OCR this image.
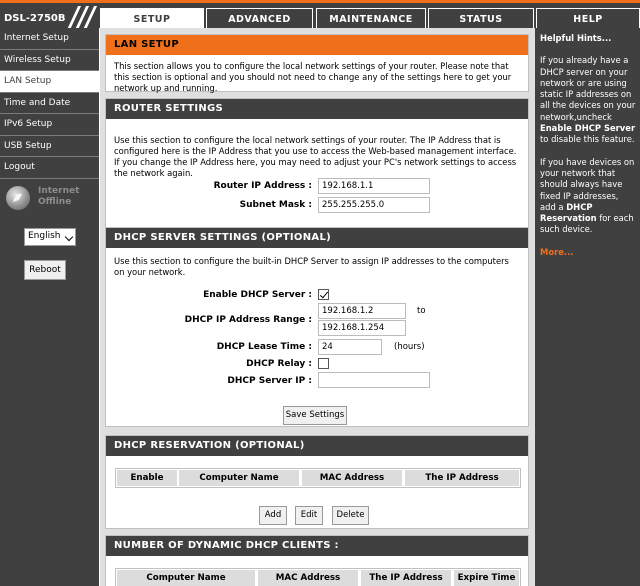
DSL-2750B	SETUP	ADVANCED	MAINTENANCE	STATUS	HELP
Internet Setup
Wireless Setup
LAN Setup
Time and Date
IPv6 Setup
USB Setup
Logout
Internet
Offline
English
Reboot
LAN SETUP
This section allows you to configure the local network settings of your router. Please note that this section is optional and you should not need to change any of the settings here to get your network up and running.
ROUTER SETTINGS
Use this section to configure the local network settings of your router. The IP Address that is configured here is the IP Address that you use to access the Web-based management interface. If you change the IP Address here, you may need to adjust your PC's network settings to access the network again.
Router IP Address :	192.168.1.1
Subnet Mask :	255.255.255.0
DHCP SERVER SETTINGS (OPTIONAL)
Use this section to configure the built-in DHCP Server to assign IP addresses to the computers on your network.
Enable DHCP Server :
DHCP IP Address Range :
192.168.1.2	to
192.168.1.254
DHCP Lease Time :	24	(hours)
DHCP Relay :
DHCP Server IP :
Save Settings
DHCP RESERVATION (OPTIONAL)
Enable	Computer Name	MAC Address	The IP Address
Add	Edit	Delete
NUMBER OF DYNAMIC DHCP CLIENTS :
Computer Name	MAC Address	The IP Address	Expire Time
Helpful Hints...

If you already have a DHCP server on your network or are using static IP addresses on all the devices on your network,uncheck Enable DHCP Server to disable this feature.

If you have devices on your network that should always have fixed IP addresses, add a DHCP Reservation for each such device.

More...
